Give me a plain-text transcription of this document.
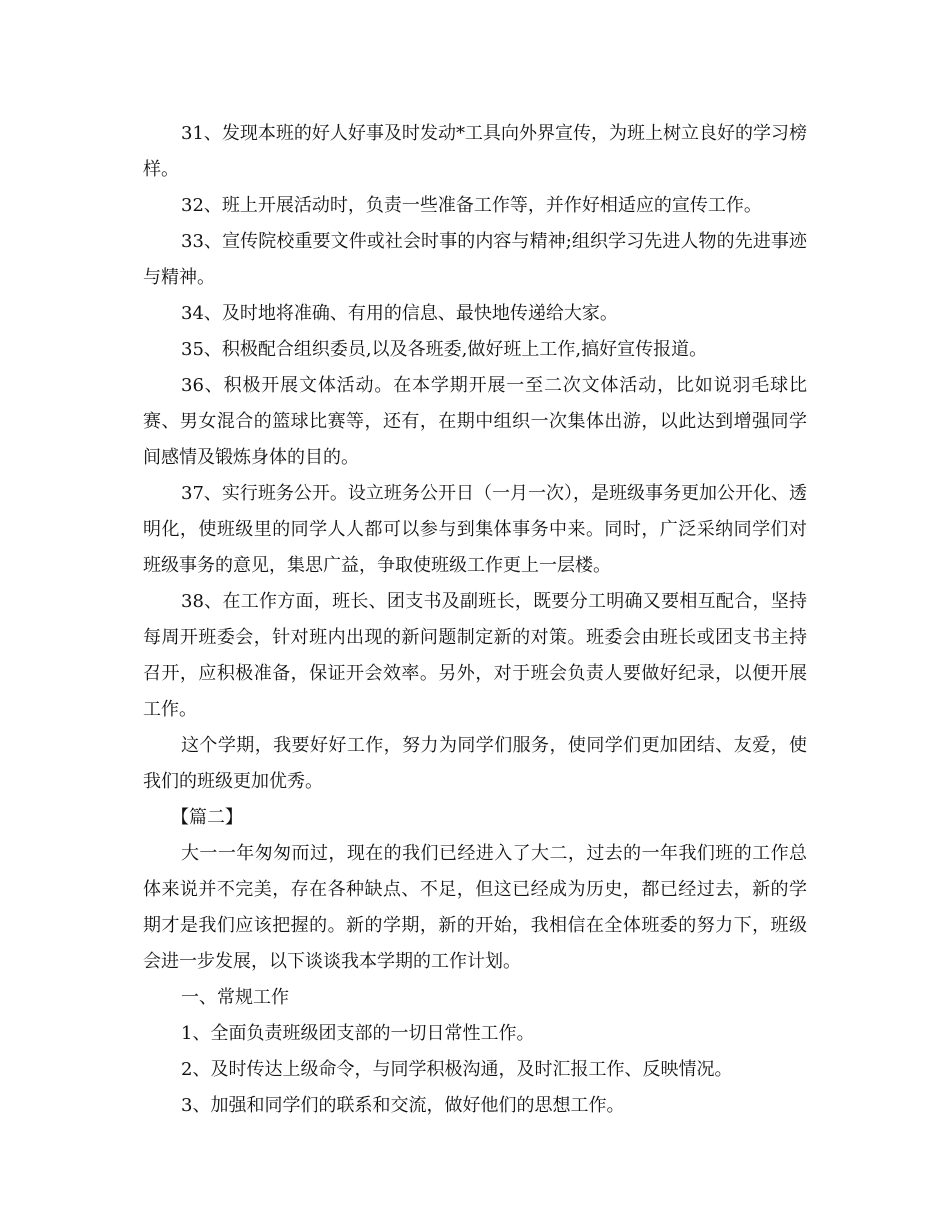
31、发现本班的好人好事及时发动*工具向外界宣传，为班上树立良好的学习榜样。

32、班上开展活动时，负责一些准备工作等，并作好相适应的宣传工作。

33、宣传院校重要文件或社会时事的内容与精神;组织学习先进人物的先进事迹与精神。

34、及时地将准确、有用的信息、最快地传递给大家。

35、积极配合组织委员,以及各班委,做好班上工作,搞好宣传报道。

36、积极开展文体活动。在本学期开展一至二次文体活动，比如说羽毛球比赛、男女混合的篮球比赛等，还有，在期中组织一次集体出游，以此达到增强同学间感情及锻炼身体的目的。

37、实行班务公开。设立班务公开日（一月一次），是班级事务更加公开化、透明化，使班级里的同学人人都可以参与到集体事务中来。同时，广泛采纳同学们对班级事务的意见，集思广益，争取使班级工作更上一层楼。

38、在工作方面，班长、团支书及副班长，既要分工明确又要相互配合，坚持每周开班委会，针对班内出现的新问题制定新的对策。班委会由班长或团支书主持召开，应积极准备，保证开会效率。另外，对于班会负责人要做好纪录，以便开展工作。

这个学期，我要好好工作，努力为同学们服务，使同学们更加团结、友爱，使我们的班级更加优秀。

【篇二】

大一一年匆匆而过，现在的我们已经进入了大二，过去的一年我们班的工作总体来说并不完美，存在各种缺点、不足，但这已经成为历史，都已经过去，新的学期才是我们应该把握的。新的学期，新的开始，我相信在全体班委的努力下，班级会进一步发展，以下谈谈我本学期的工作计划。

一、常规工作

1、全面负责班级团支部的一切日常性工作。

2、及时传达上级命令，与同学积极沟通，及时汇报工作、反映情况。

3、加强和同学们的联系和交流，做好他们的思想工作。
